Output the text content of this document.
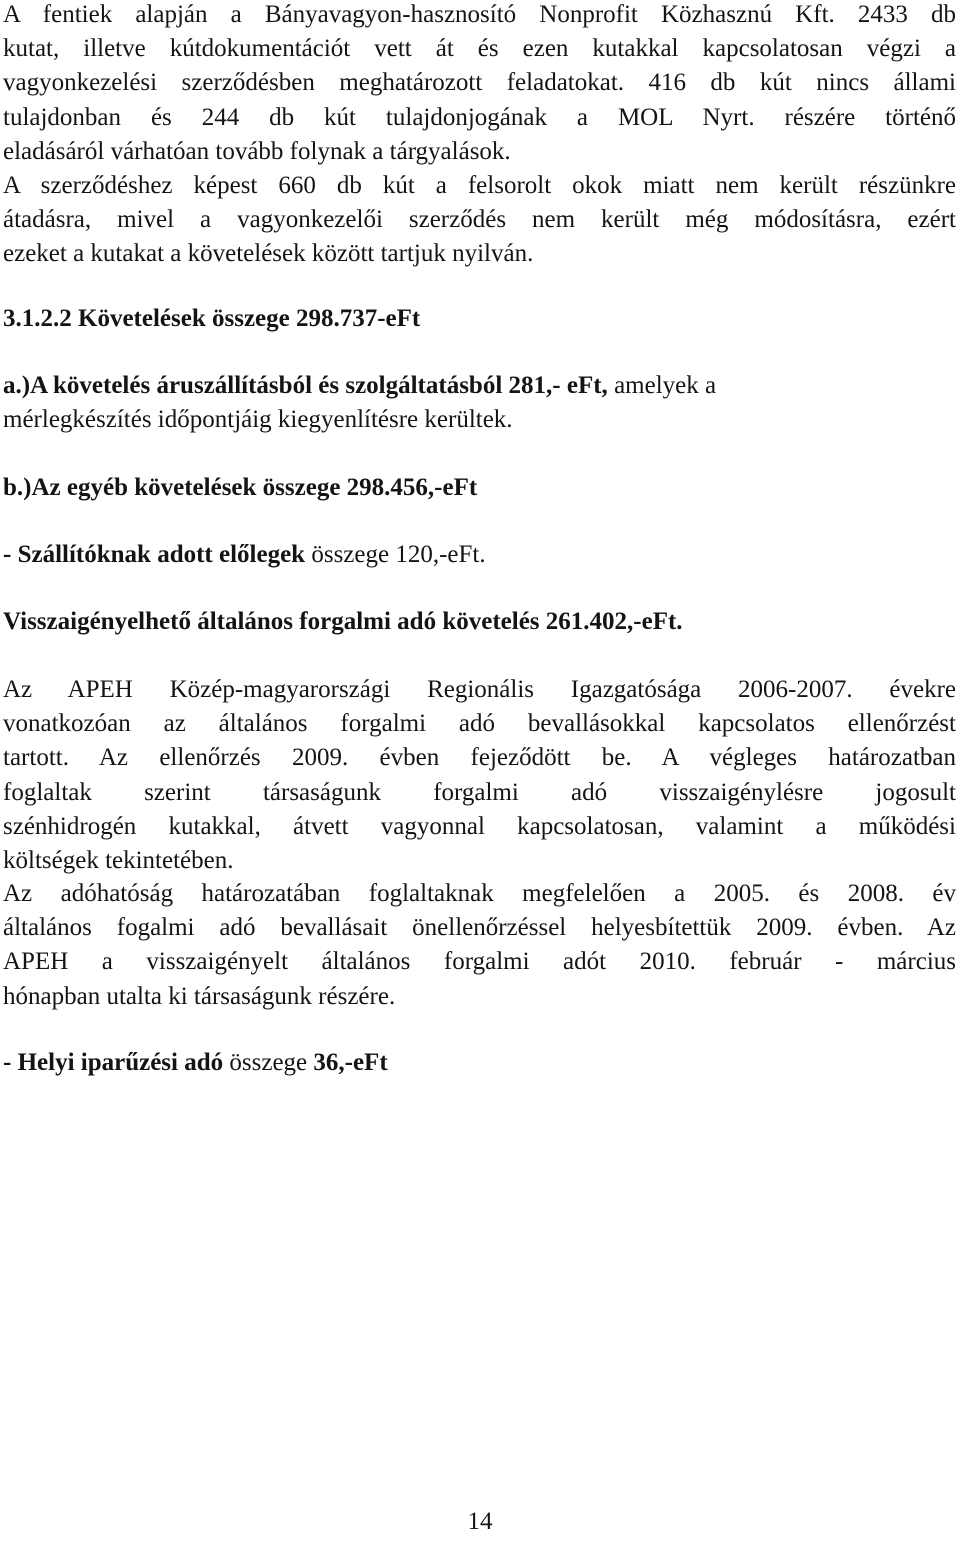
A fentiek alapján a Bányavagyon-hasznosító Nonprofit Közhasznú Kft. 2433 db
kutat, illetve kútdokumentációt vett át és ezen kutakkal kapcsolatosan végzi a
vagyonkezelési szerződésben meghatározott feladatokat. 416 db kút nincs állami
tulajdonban és 244 db kút tulajdonjogának a MOL Nyrt. részére történő
eladásáról várhatóan tovább folynak a tárgyalások.
A szerződéshez képest 660 db kút a felsorolt okok miatt nem került részünkre
átadásra, mivel a vagyonkezelői szerződés nem került még módosításra, ezért
ezeket a kutakat a követelések között tartjuk nyilván.
3.1.2.2 Követelések összege 298.737-eFt
a.)A követelés áruszállításból és szolgáltatásból 281,- eFt, amelyek a
mérlegkészítés időpontjáig kiegyenlítésre kerültek.
b.)Az egyéb követelések összege 298.456,-eFt
- Szállítóknak adott előlegek összege 120,-eFt.
Visszaigényelhető általános forgalmi adó követelés 261.402,-eFt.
Az APEH Közép-magyarországi Regionális Igazgatósága 2006-2007. évekre
vonatkozóan az általános forgalmi adó bevallásokkal kapcsolatos ellenőrzést
tartott. Az ellenőrzés 2009. évben fejeződött be. A végleges határozatban
foglaltak szerint társaságunk forgalmi adó visszaigénylésre jogosult
szénhidrogén kutakkal, átvett vagyonnal kapcsolatosan, valamint a működési
költségek tekintetében.
Az adóhatóság határozatában foglaltaknak megfelelően a 2005. és 2008. év
általános fogalmi adó bevallásait önellenőrzéssel helyesbítettük 2009. évben. Az
APEH a visszaigényelt általános forgalmi adót 2010. február - március
hónapban utalta ki társaságunk részére.
- Helyi iparűzési adó összege 36,-eFt
14
